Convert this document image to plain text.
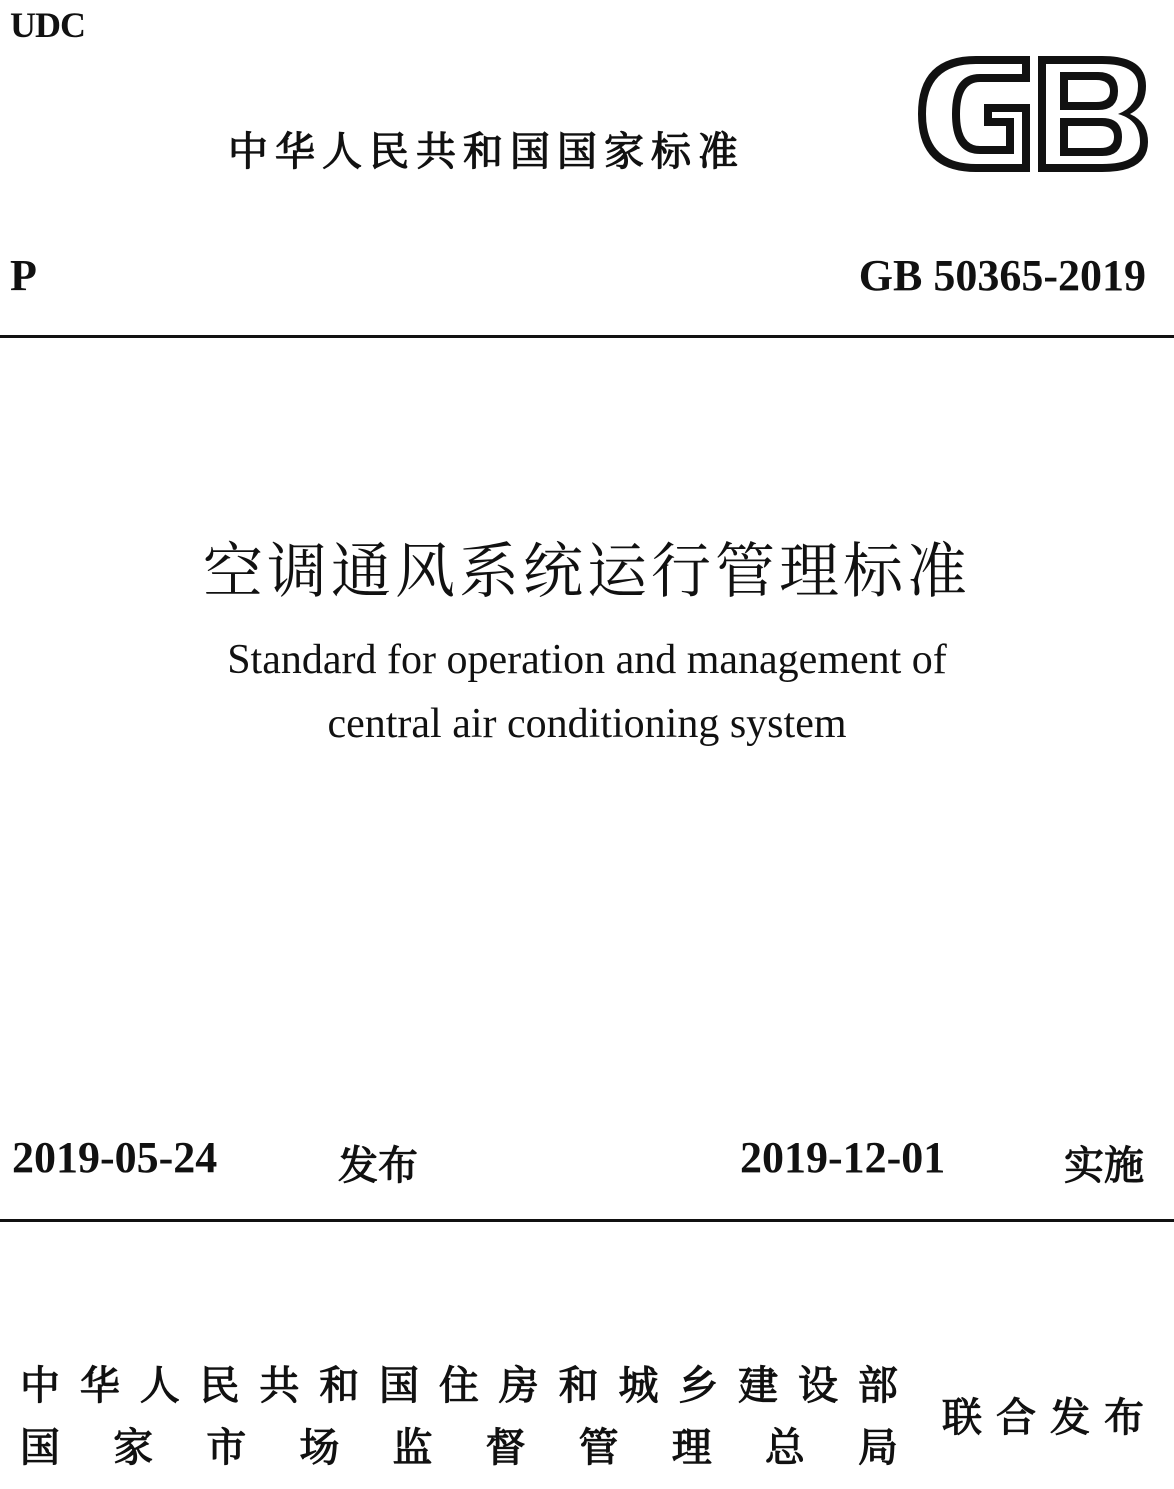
UDC
中华人民共和国国家标准
P	GB 50365-2019
空调通风系统运行管理标准
Standard for operation and management of
central air conditioning system
2019-05-24	发布	2019-12-01	实施
中 华 人 民 共 和 国 住 房 和 城 乡 建 设 部
国 家 市 场 监 督 管 理 总 局
联合发布
